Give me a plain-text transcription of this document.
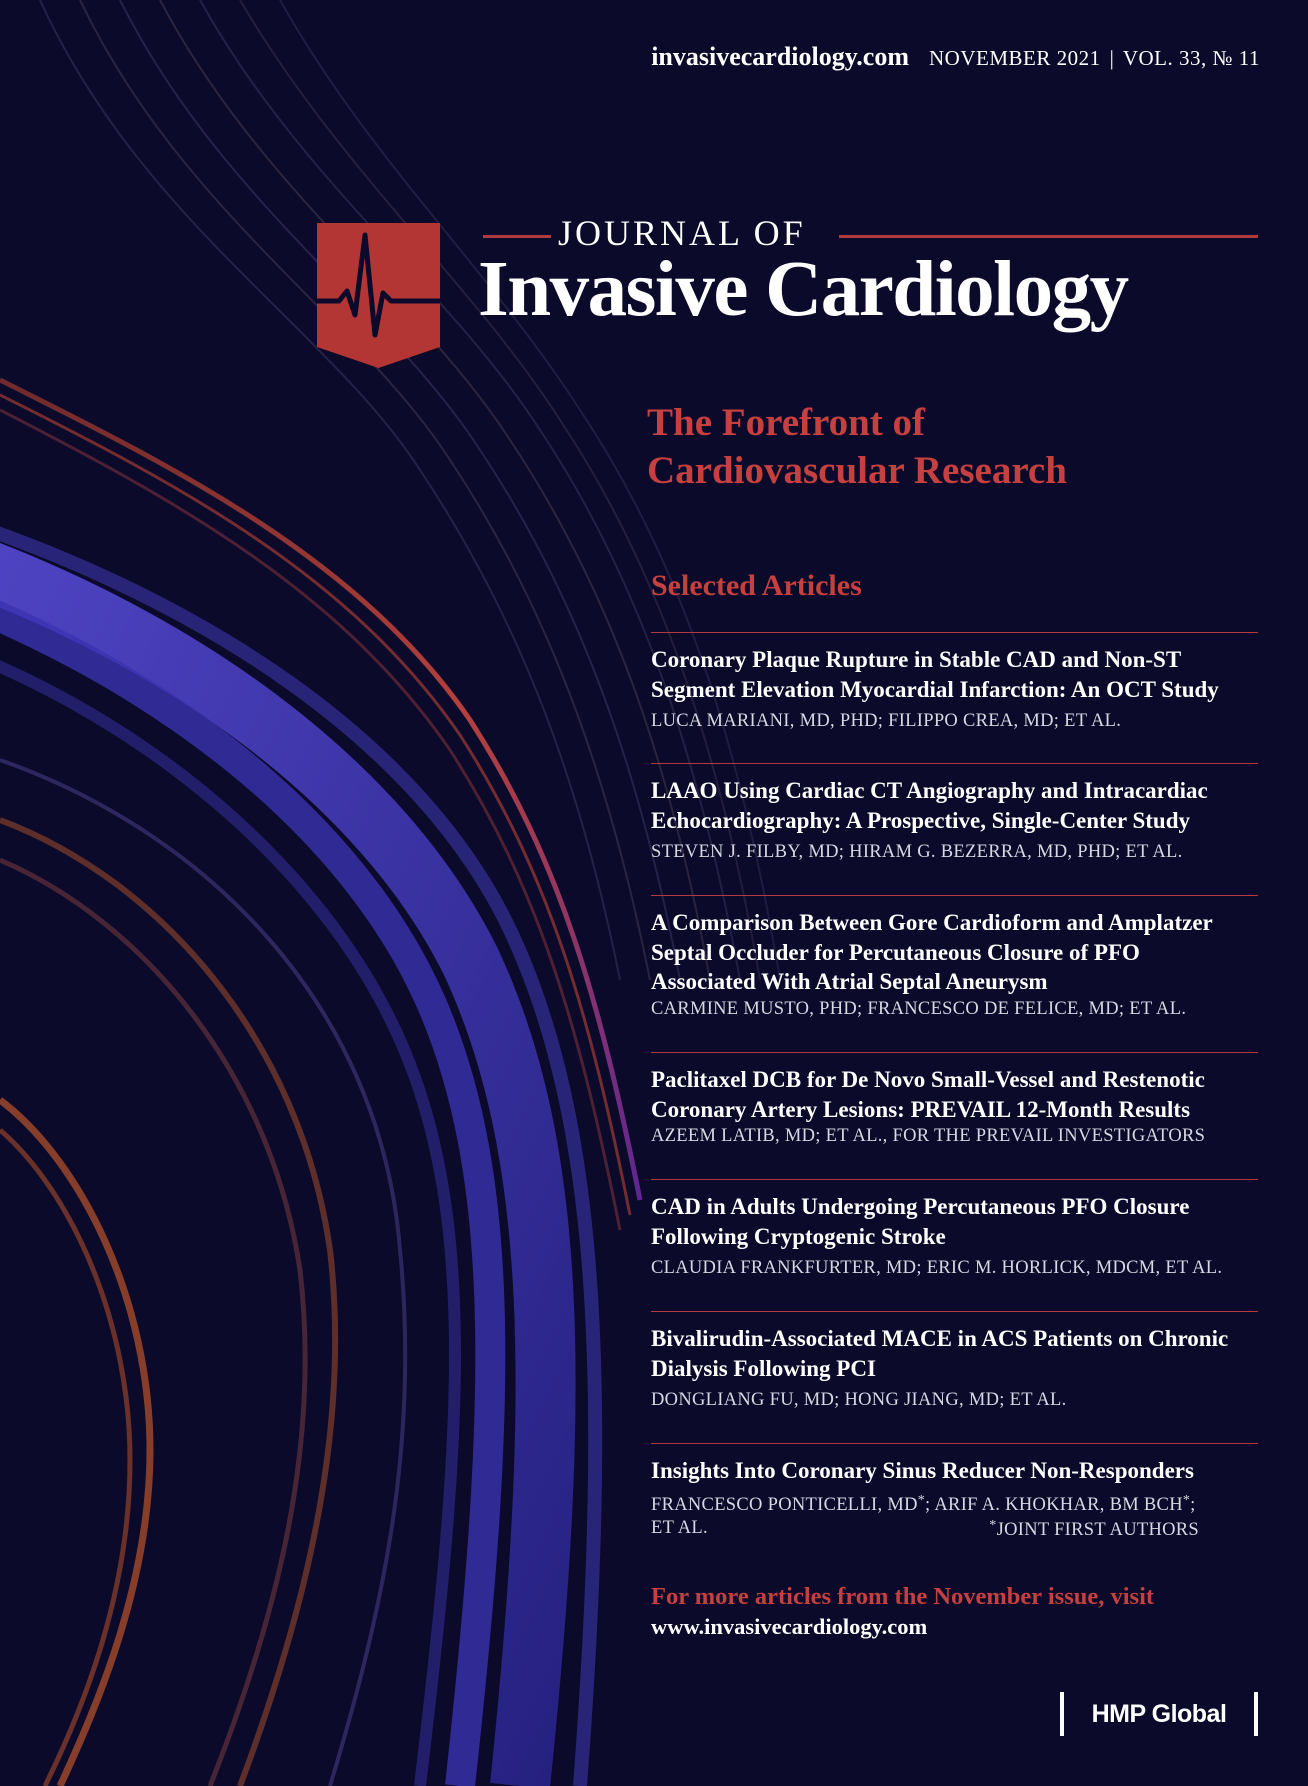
invasivecardiology.com NOVEMBER 2021 | VOL. 33, № 11
JOURNAL OF
Invasive Cardiology
The Forefront of
Cardiovascular Research
Selected Articles
Coronary Plaque Rupture in Stable CAD and Non-ST
Segment Elevation Myocardial Infarction: An OCT Study
LUCA MARIANI, MD, PHD; FILIPPO CREA, MD; ET AL.
LAAO Using Cardiac CT Angiography and Intracardiac
Echocardiography: A Prospective, Single-Center Study
STEVEN J. FILBY, MD; HIRAM G. BEZERRA, MD, PHD; ET AL.
A Comparison Between Gore Cardioform and Amplatzer
Septal Occluder for Percutaneous Closure of PFO
Associated With Atrial Septal Aneurysm
CARMINE MUSTO, PHD; FRANCESCO DE FELICE, MD; ET AL.
Paclitaxel DCB for De Novo Small-Vessel and Restenotic
Coronary Artery Lesions: PREVAIL 12-Month Results
AZEEM LATIB, MD; ET AL., FOR THE PREVAIL INVESTIGATORS
CAD in Adults Undergoing Percutaneous PFO Closure
Following Cryptogenic Stroke
CLAUDIA FRANKFURTER, MD; ERIC M. HORLICK, MDCM, ET AL.
Bivalirudin-Associated MACE in ACS Patients on Chronic
Dialysis Following PCI
DONGLIANG FU, MD; HONG JIANG, MD; ET AL.
Insights Into Coronary Sinus Reducer Non-Responders
FRANCESCO PONTICELLI, MD*; ARIF A. KHOKHAR, BM BCH*;
ET AL.	*JOINT FIRST AUTHORS
For more articles from the November issue, visit
www.invasivecardiology.com
HMP Global
